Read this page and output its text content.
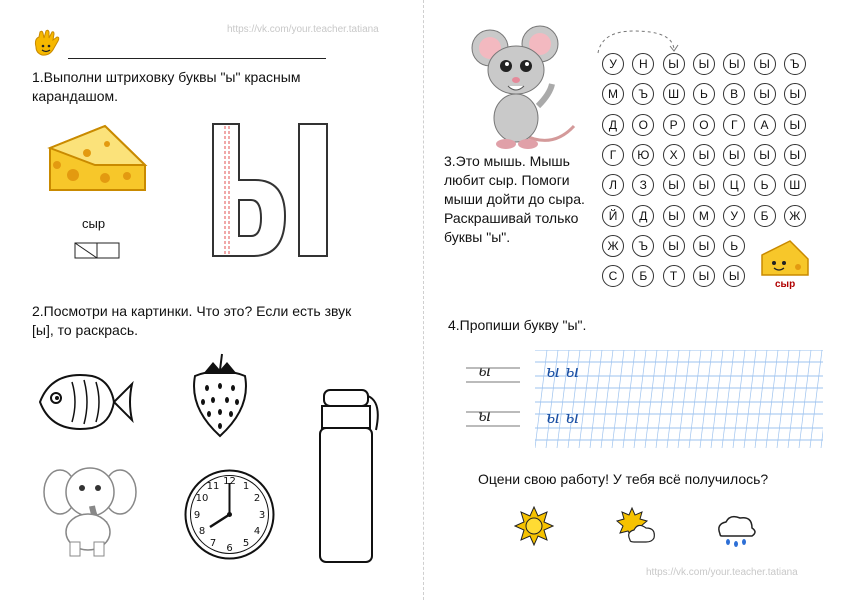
https://vk.com/your.teacher.tatiana
https://vk.com/your.teacher.tatiana
1.Выполни штриховку буквы "ы" красным карандашом.
сыр
2.Посмотри на картинки. Что это? Если есть звук [ы], то раскрась.
12 1
2
3
4
5
6
7
8
9
10
11
3.Это мышь. Мышь любит сыр. Помоги мыши дойти до сыра. Раскрашивай только буквы "ы".
У	Н	Ы	Ы	Ы	Ы	Ъ
М	Ъ	Ш	Ь	В	Ы	Ы
Д	О	Р	О	Г	А	Ы
Г	Ю	Х	Ы	Ы	Ы	Ы
Л	З	Ы	Ы	Ц	Ь	Ш
Й	Д	Ы	М	У	Б	Ж
Ж	Ъ	Ы	Ы	Ь
С	Б	Т	Ы	Ы
сыр
4.Пропиши букву "ы".
ы
ы
ы ы
ы ы
Оцени свою работу! У тебя всё получилось?
